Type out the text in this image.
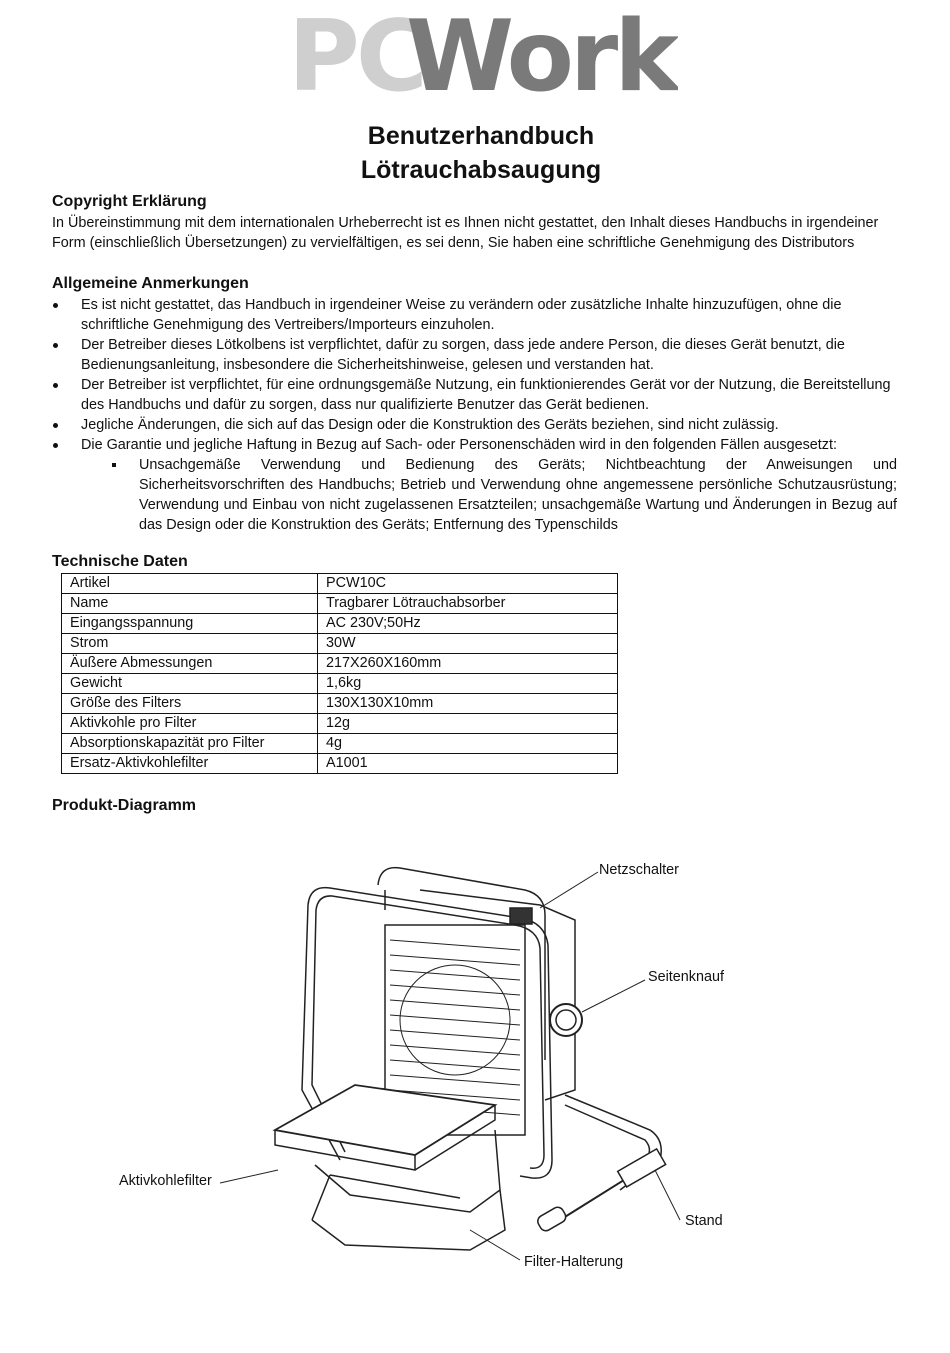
PC
Work
Benutzerhandbuch
Lötrauchabsaugung
Copyright Erklärung
In Übereinstimmung mit dem internationalen Urheberrecht ist es Ihnen nicht gestattet, den Inhalt dieses Handbuchs in irgendeiner Form (einschließlich Übersetzungen) zu vervielfältigen, es sei denn, Sie haben eine schriftliche Genehmigung des Distributors
Allgemeine Anmerkungen
Es ist nicht gestattet, das Handbuch in irgendeiner Weise zu verändern oder zusätzliche Inhalte hinzuzufügen, ohne die schriftliche Genehmigung des Vertreibers/Importeurs einzuholen.
Der Betreiber dieses Lötkolbens ist verpflichtet, dafür zu sorgen, dass jede andere Person, die dieses Gerät benutzt, die Bedienungsanleitung, insbesondere die Sicherheitshinweise, gelesen und verstanden hat.
Der Betreiber ist verpflichtet, für eine ordnungsgemäße Nutzung, ein funktionierendes Gerät vor der Nutzung, die Bereitstellung des Handbuchs und dafür zu sorgen, dass nur qualifizierte Benutzer das Gerät bedienen.
Jegliche Änderungen, die sich auf das Design oder die Konstruktion des Geräts beziehen, sind nicht zulässig.
Die Garantie und jegliche Haftung in Bezug auf Sach- oder Personenschäden wird in den folgenden Fällen ausgesetzt:
Unsachgemäße Verwendung und Bedienung des Geräts; Nichtbeachtung der Anweisungen und Sicherheitsvorschriften des Handbuchs; Betrieb und Verwendung ohne angemessene persönliche Schutzausrüstung; Verwendung und Einbau von nicht zugelassenen Ersatzteilen; unsachgemäße Wartung und Änderungen in Bezug auf das Design oder die Konstruktion des Geräts; Entfernung des Typenschilds
Technische Daten
Artikel	PCW10C
Name	Tragbarer Lötrauchabsorber
Eingangsspannung	AC 230V;50Hz
Strom	30W
Äußere Abmessungen	217X260X160mm
Gewicht	1,6kg
Größe des Filters	130X130X10mm
Aktivkohle pro Filter	12g
Absorptionskapazität pro Filter	4g
Ersatz-Aktivkohlefilter	A1001
Produkt-Diagramm
Netzschalter
Seitenknauf
Aktivkohlefilter
Stand
Filter-Halterung
